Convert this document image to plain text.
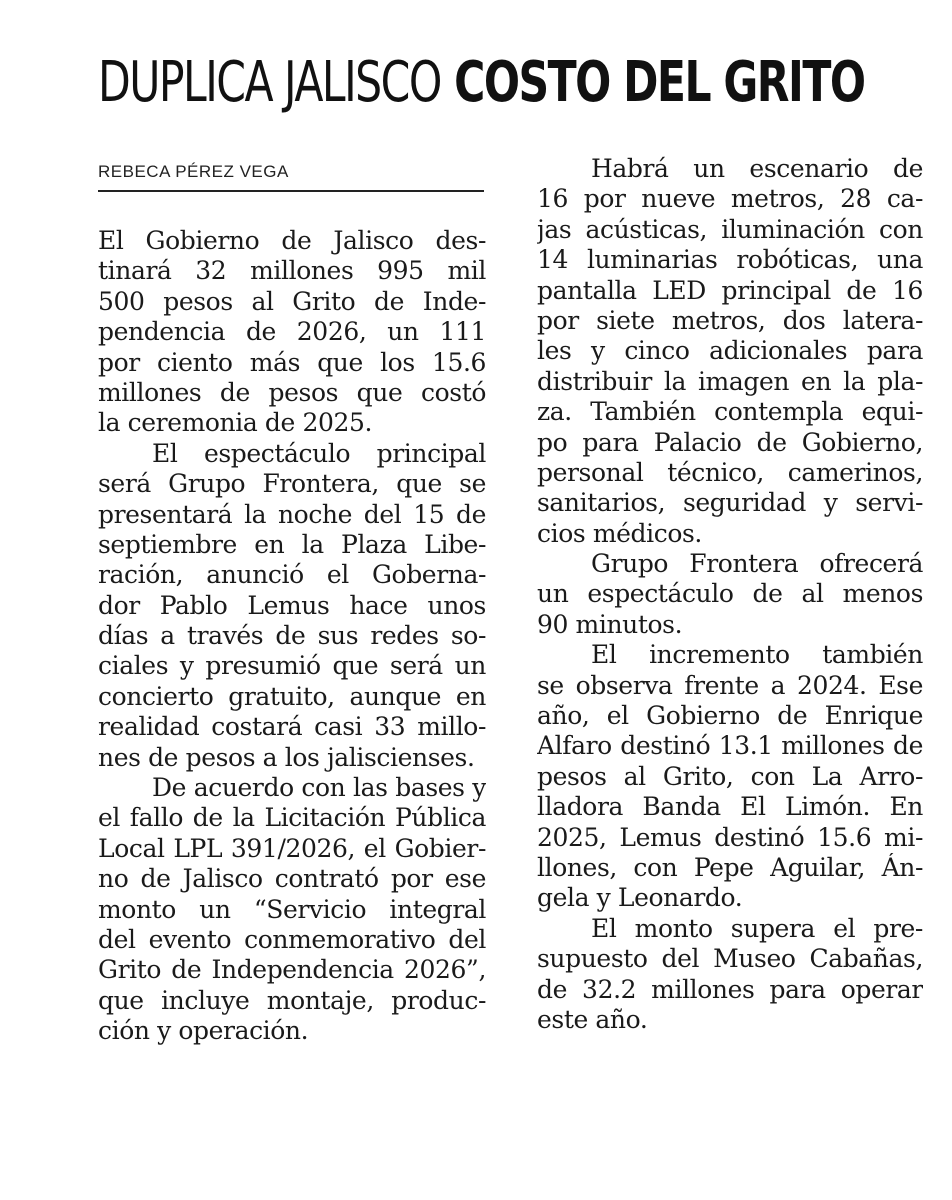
DUPLICA JALISCO COSTO DEL GRITO
REBECA PÉREZ VEGA
El Gobierno de Jalisco des-
tinará 32 millones 995 mil
500 pesos al Grito de Inde-
pendencia de 2026, un 111
por ciento más que los 15.6
millones de pesos que costó
la ceremonia de 2025.
El espectáculo principal
será Grupo Frontera, que se
presentará la noche del 15 de
septiembre en la Plaza Libe-
ración, anunció el Goberna-
dor Pablo Lemus hace unos
días a través de sus redes so-
ciales y presumió que será un
concierto gratuito, aunque en
realidad costará casi 33 millo-
nes de pesos a los jaliscienses.
De acuerdo con las bases y
el fallo de la Licitación Pública
Local LPL 391/2026, el Gobier-
no de Jalisco contrató por ese
monto un “Servicio integral
del evento conmemorativo del
Grito de Independencia 2026”,
que incluye montaje, produc-
ción y operación.
Habrá un escenario de
16 por nueve metros, 28 ca-
jas acústicas, iluminación con
14 luminarias robóticas, una
pantalla LED principal de 16
por siete metros, dos latera-
les y cinco adicionales para
distribuir la imagen en la pla-
za. También contempla equi-
po para Palacio de Gobierno,
personal técnico, camerinos,
sanitarios, seguridad y servi-
cios médicos.
Grupo Frontera ofrecerá
un espectáculo de al menos
90 minutos.
El incremento también
se observa frente a 2024. Ese
año, el Gobierno de Enrique
Alfaro destinó 13.1 millones de
pesos al Grito, con La Arro-
lladora Banda El Limón. En
2025, Lemus destinó 15.6 mi-
llones, con Pepe Aguilar, Án-
gela y Leonardo.
El monto supera el pre-
supuesto del Museo Cabañas,
de 32.2 millones para operar
este año.
